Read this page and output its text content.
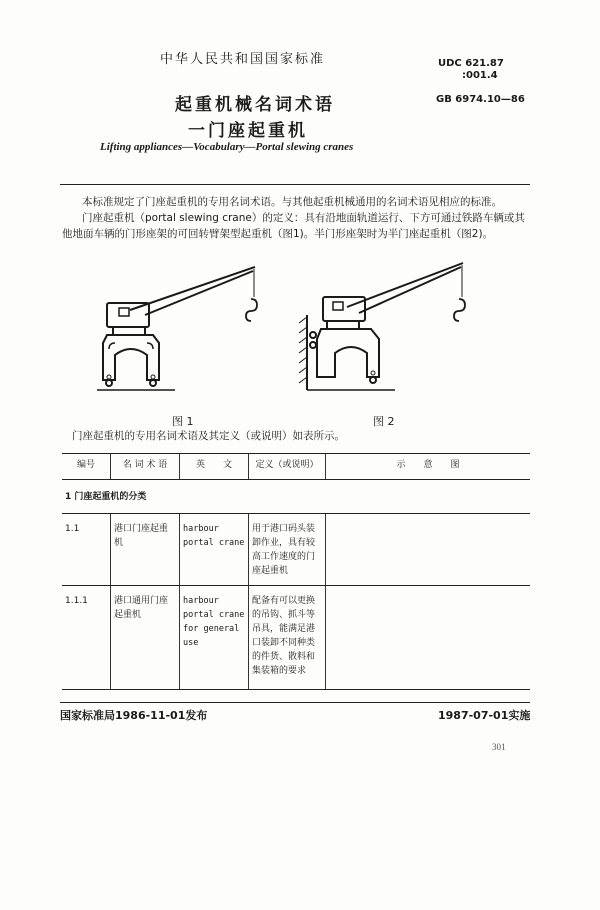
中华人民共和国国家标准	UDC 621.87
:001.4
GB 6974.10—86
起重机械名词术语
一门座起重机
Lifting appliances—Vocabulary—Portal slewing cranes
本标准规定了门座起重机的专用名词术语。与其他起重机械通用的名词术语见相应的标准。
门座起重机（portal slewing crane）的定义：具有沿地面轨道运行、下方可通过铁路车辆或其
他地面车辆的门形座架的可回转臂架型起重机（图1)。半门形座架时为半门座起重机（图2)。
图 1	图 2
门座起重机的专用名词术语及其定义（或说明）如表所示。
编号	名 词 术 语	英　　文	定义（或说明）	示　　意　　图
1 门座起重机的分类				
1.1	港口门座起重机	harbour portal crane	用于港口码头装卸作业，具有较高工作速度的门座起重机	
1.1.1	港口通用门座起重机	harbour portal crane for general use	配备有可以更换的吊钩、抓斗等吊具，能满足港口装卸不同种类的件货、散料和集装箱的要求	
国家标准局1986-11-01发布	1987-07-01实施
301
